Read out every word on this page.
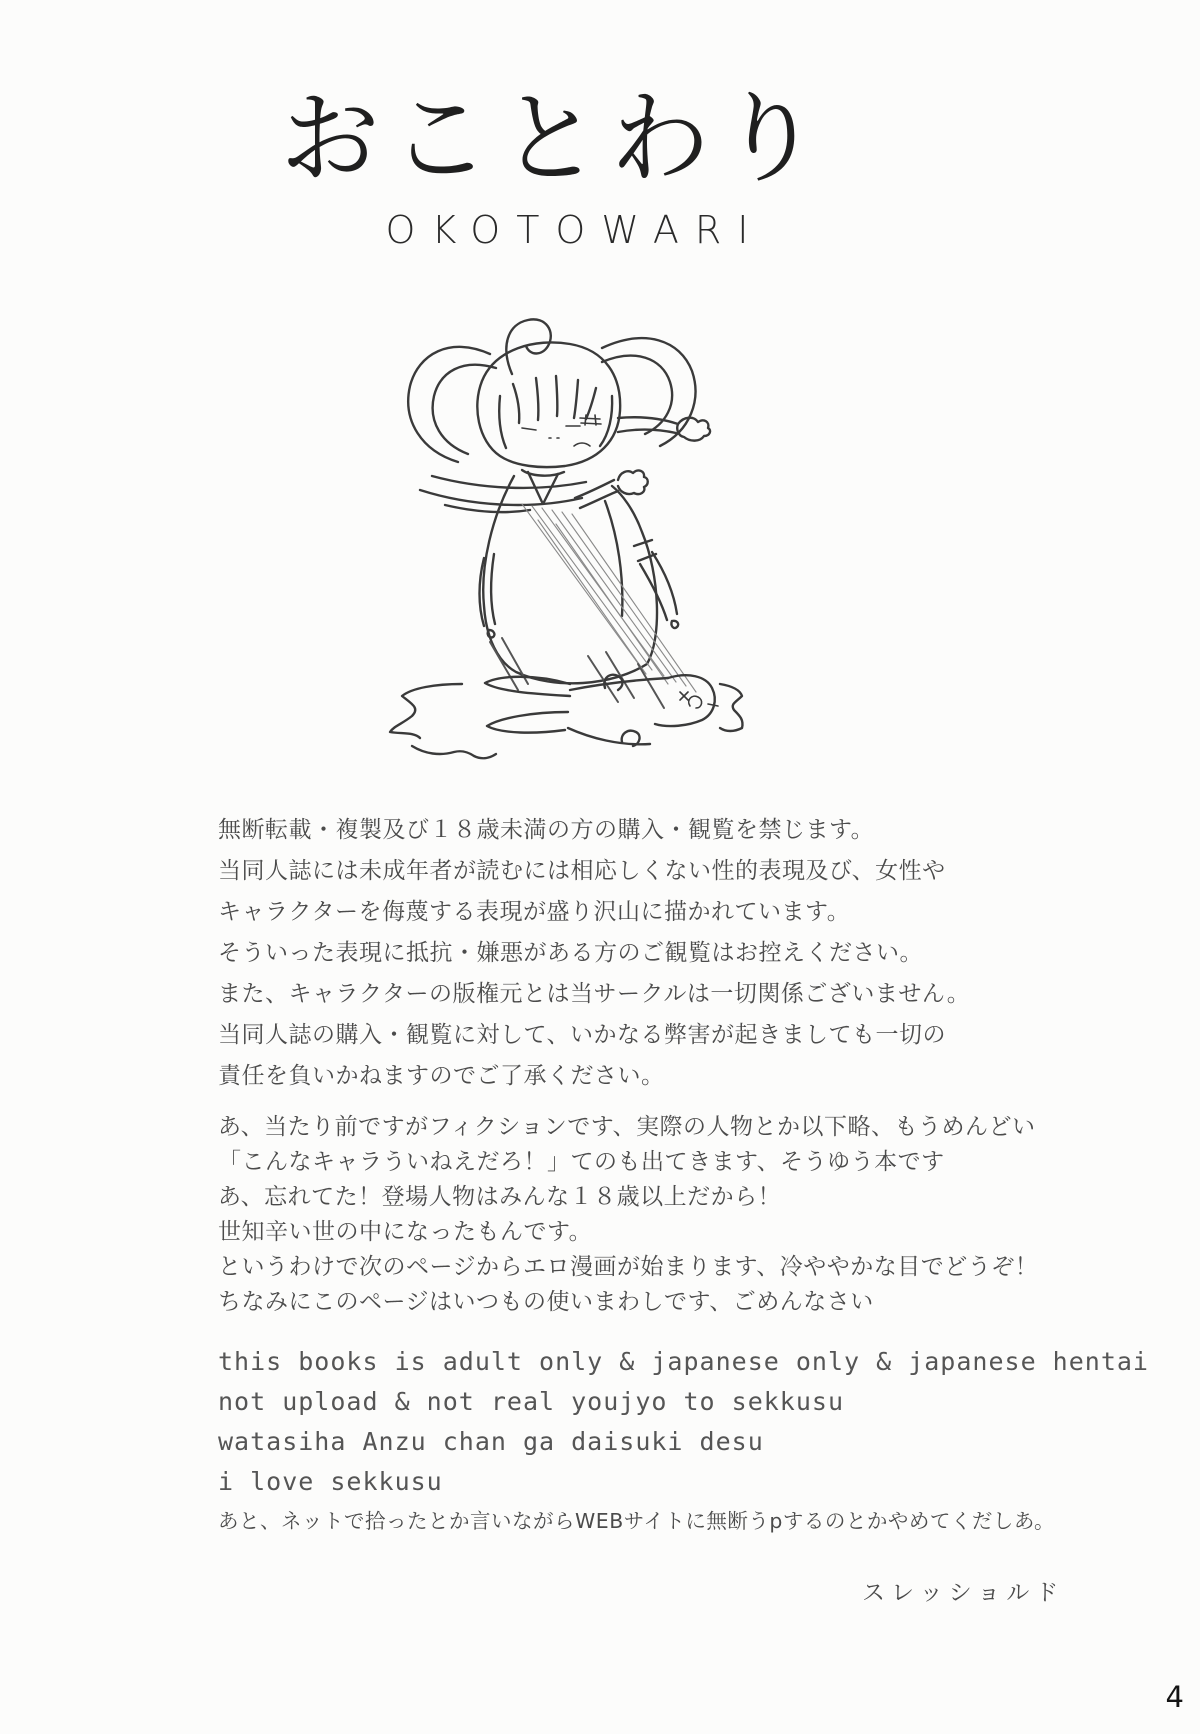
おことわり
OKOTOWARI
無断転載・複製及び１８歳未満の方の購入・観覧を禁じます。
当同人誌には未成年者が読むには相応しくない性的表現及び、女性や
キャラクターを侮蔑する表現が盛り沢山に描かれています。
そういった表現に抵抗・嫌悪がある方のご観覧はお控えください。
また、キャラクターの版権元とは当サークルは一切関係ございません。
当同人誌の購入・観覧に対して、いかなる弊害が起きましても一切の
責任を負いかねますのでご了承ください。
あ、当たり前ですがフィクションです、実際の人物とか以下略、もうめんどい
「こんなキャラういねえだろ！」てのも出てきます、そうゆう本です
あ、忘れてた！登場人物はみんな１８歳以上だから！
世知辛い世の中になったもんです。
というわけで次のページからエロ漫画が始まります、冷ややかな目でどうぞ！
ちなみにこのページはいつもの使いまわしです、ごめんなさい
this books is adult only & japanese only & japanese hentai
not upload & not real youjyo to sekkusu
watasiha Anzu chan ga daisuki desu
i love sekkusu
あと、ネットで拾ったとか言いながらWEBサイトに無断うpするのとかやめてくだしあ。
スレッショルド
4
